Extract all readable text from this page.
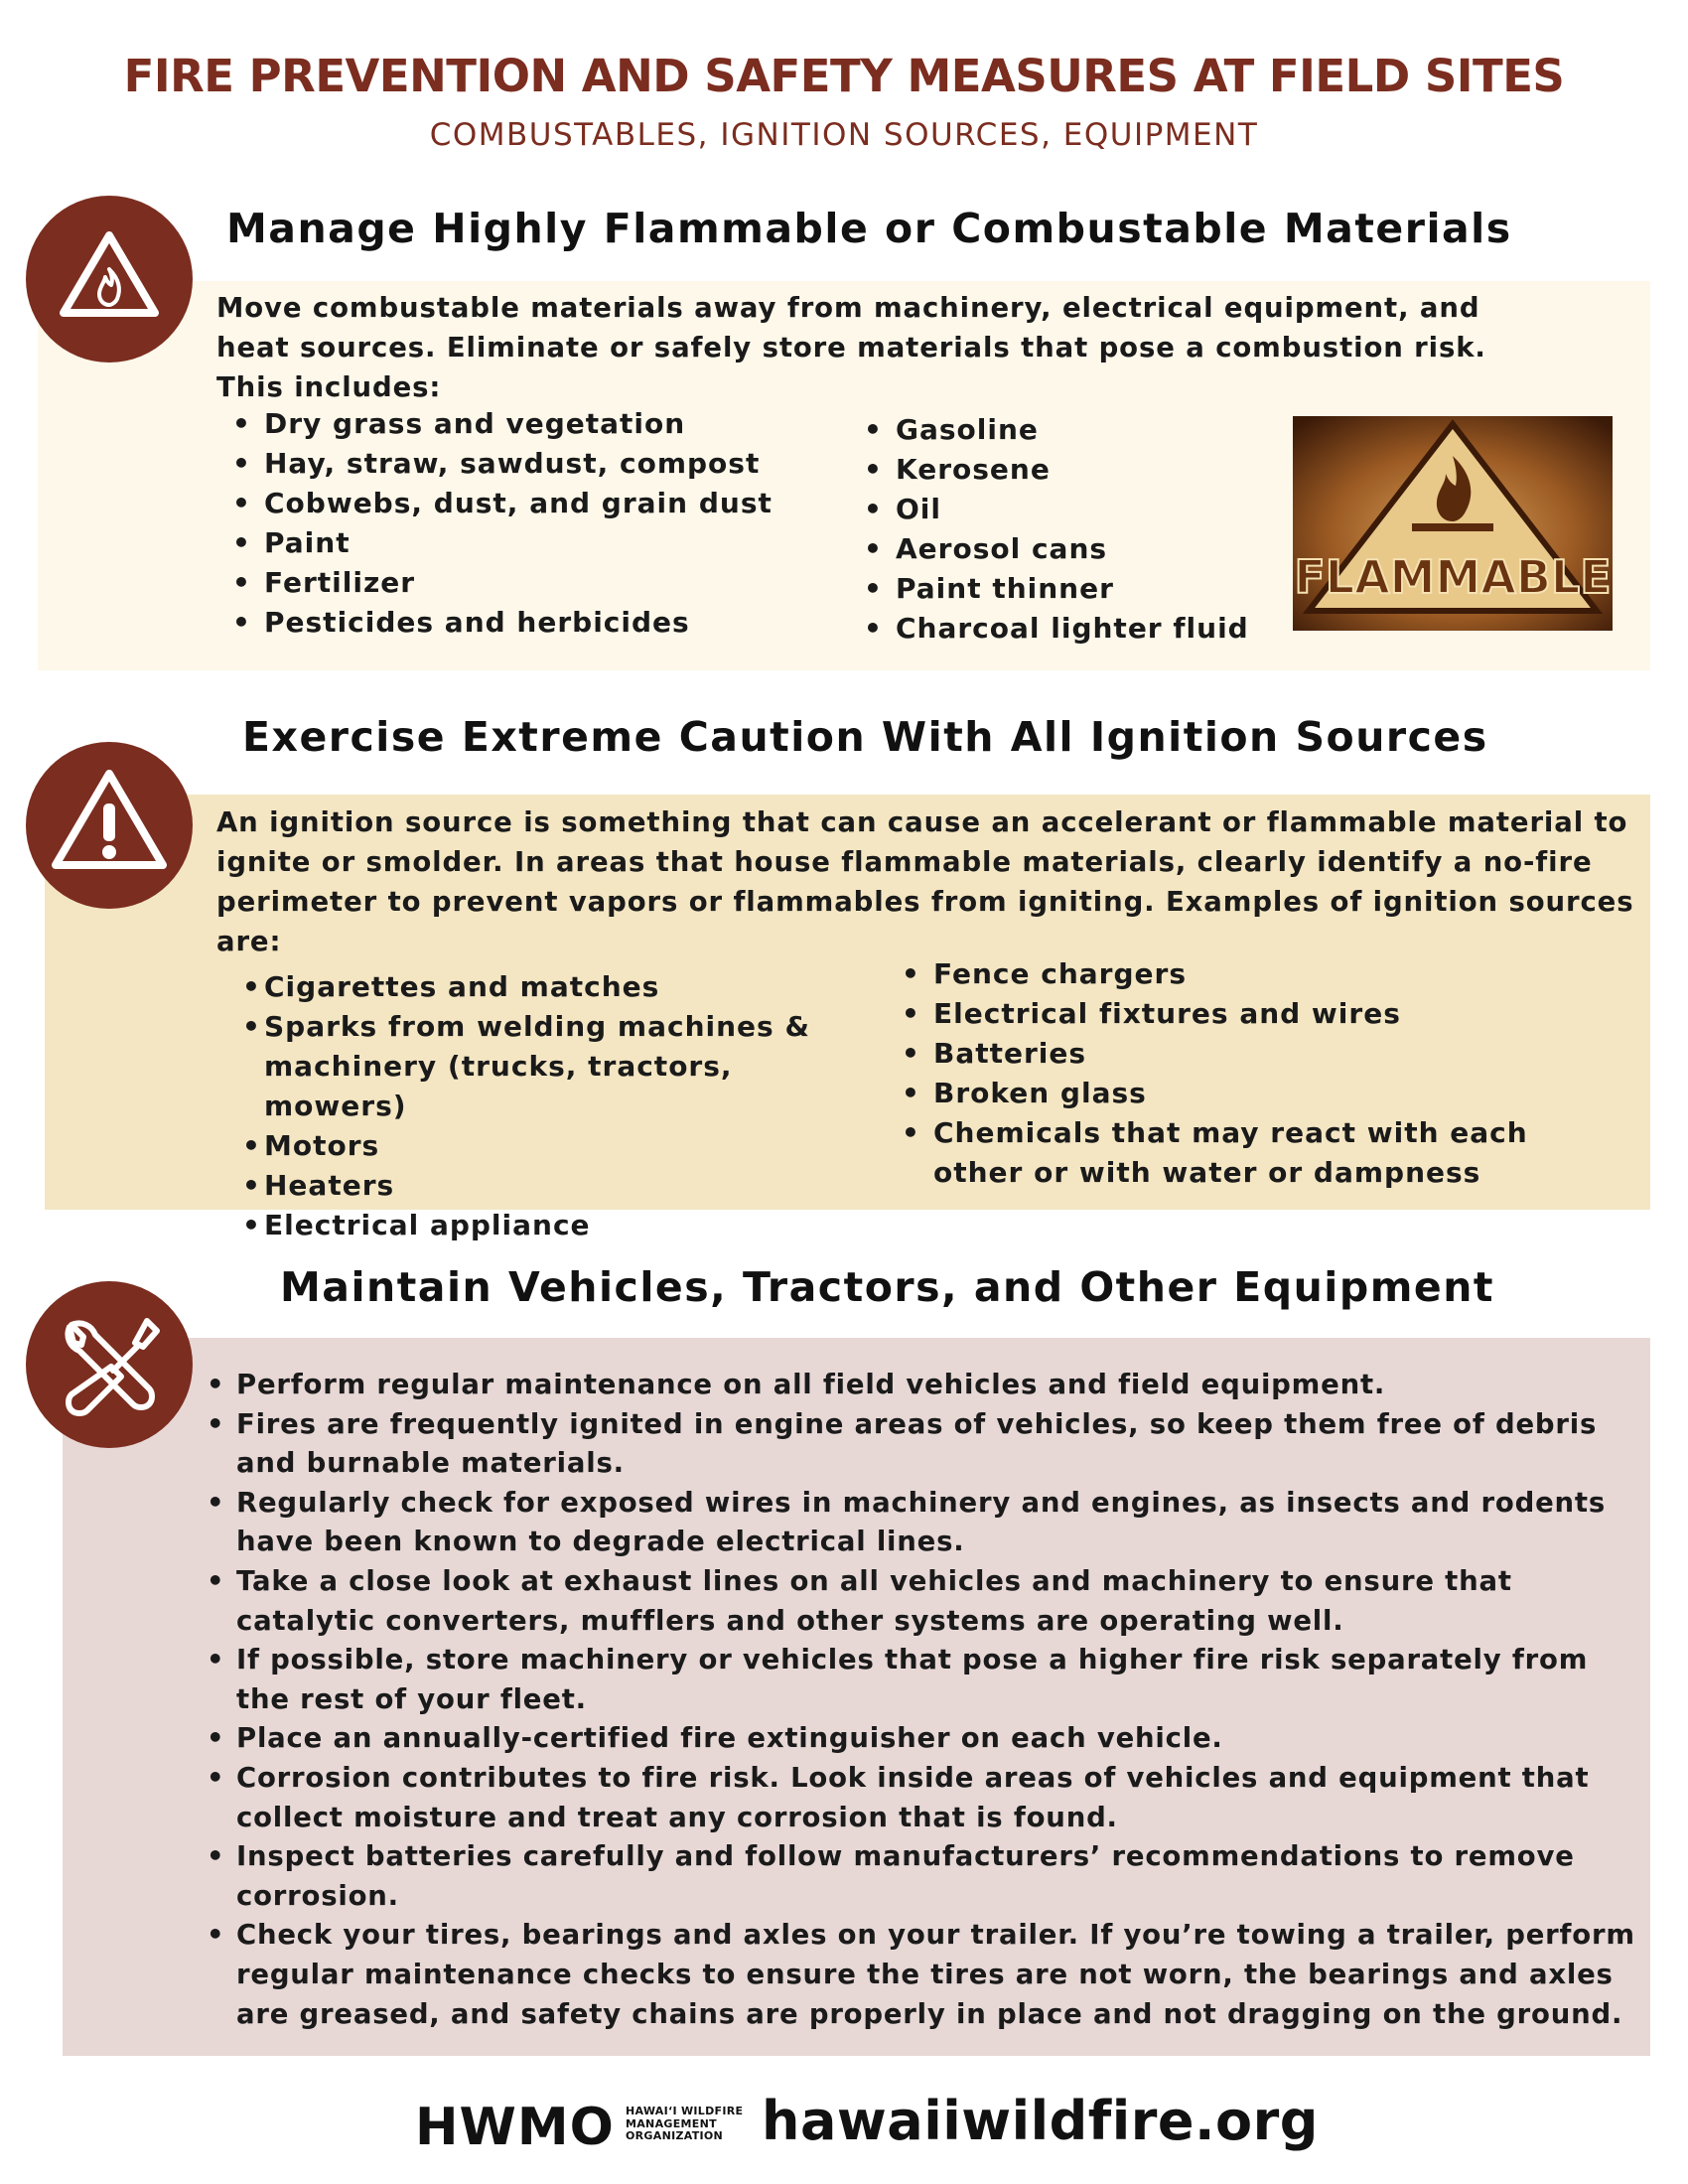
FIRE PREVENTION AND SAFETY MEASURES AT FIELD SITES
COMBUSTABLES, IGNITION SOURCES, EQUIPMENT
Manage Highly Flammable or Combustable Materials

Move combustable materials away from machinery, electrical equipment, and heat sources. Eliminate or safely store materials that pose a combustion risk. This includes:

• Dry grass and vegetation
• Hay, straw, sawdust, compost
• Cobwebs, dust, and grain dust
• Paint
• Fertilizer
• Pesticides and herbicides
• Gasoline
• Kerosene
• Oil
• Aerosol cans
• Paint thinner
• Charcoal lighter fluid
FLAMMABLE
Exercise Extreme Caution With All Ignition Sources

An ignition source is something that can cause an accelerant or flammable material to ignite or smolder. In areas that house flammable materials, clearly identify a no-fire perimeter to prevent vapors or flammables from igniting. Examples of ignition sources are:

• Cigarettes and matches
• Sparks from welding machines & machinery (trucks, tractors, mowers)
• Motors
• Heaters
• Electrical appliance
• Fence chargers
• Electrical fixtures and wires
• Batteries
• Broken glass
• Chemicals that may react with each other or with water or dampness
Maintain Vehicles, Tractors, and Other Equipment
• Perform regular maintenance on all field vehicles and field equipment.
• Fires are frequently ignited in engine areas of vehicles, so keep them free of debris and burnable materials.
• Regularly check for exposed wires in machinery and engines, as insects and rodents have been known to degrade electrical lines.
• Take a close look at exhaust lines on all vehicles and machinery to ensure that catalytic converters, mufflers and other systems are operating well.
• If possible, store machinery or vehicles that pose a higher fire risk separately from the rest of your fleet.
• Place an annually-certified fire extinguisher on each vehicle.
• Corrosion contributes to fire risk. Look inside areas of vehicles and equipment that collect moisture and treat any corrosion that is found.
• Inspect batteries carefully and follow manufacturers’ recommendations to remove corrosion.
• Check your tires, bearings and axles on your trailer. If you’re towing a trailer, perform regular maintenance checks to ensure the tires are not worn, the bearings and axles are greased, and safety chains are properly in place and not dragging on the ground.
HWMO HAWAI‘I WILDFIRE
MANAGEMENT
ORGANIZATION hawaiiwildfire.org
